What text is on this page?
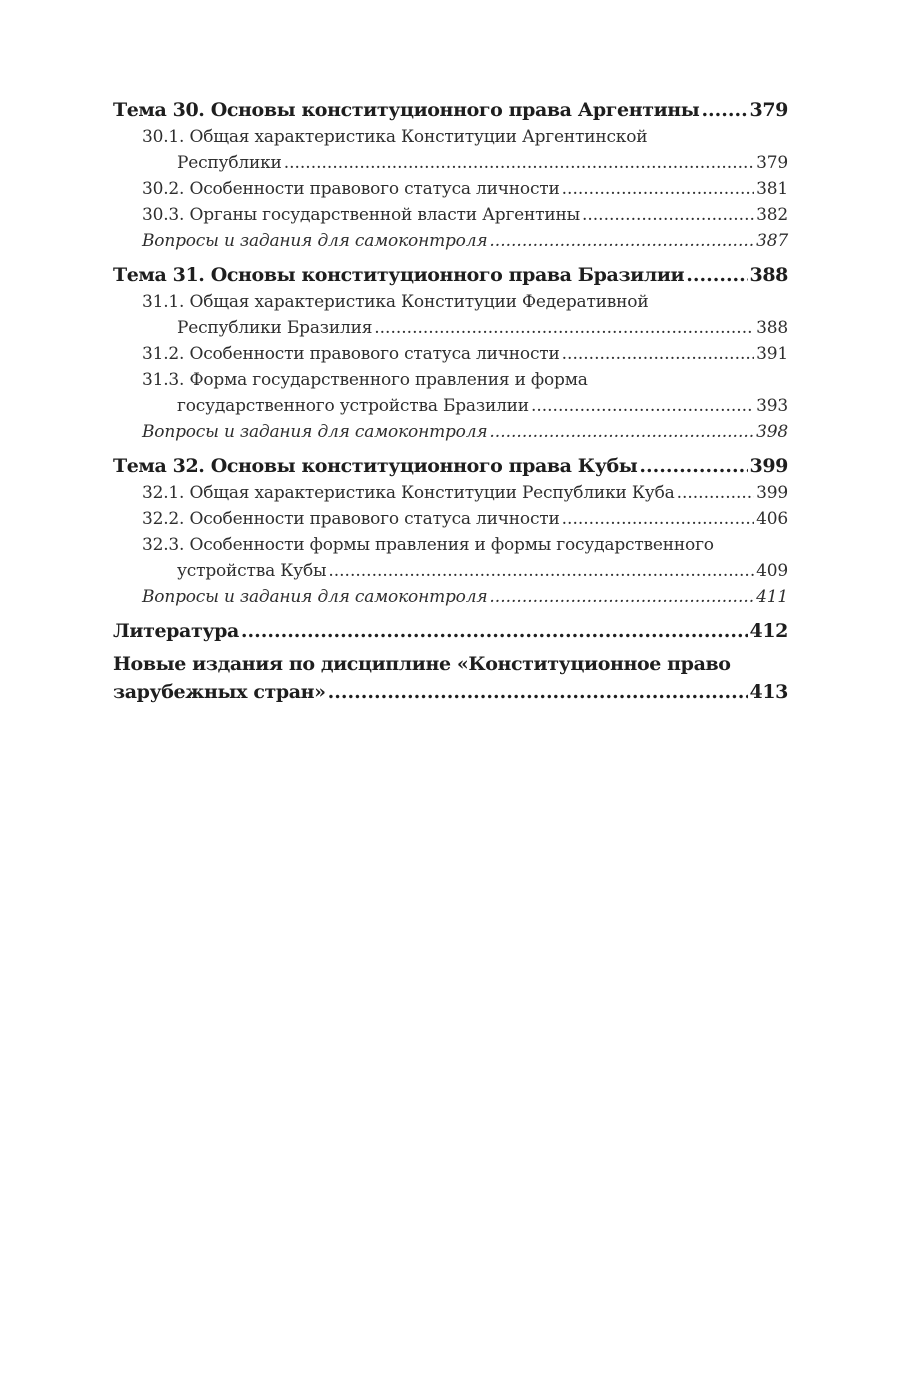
Тема 30. Основы конституционного права Аргентины .....	379
30.1. Общая характеристика Конституции Аргентинской
Республики .....	379
30.2. Особенности правового статуса личности .....	381
30.3. Органы государственной власти Аргентины .....	382
Вопросы и задания для самоконтроля .....	387
Тема 31. Основы конституционного права Бразилии .....	388
31.1. Общая характеристика Конституции Федеративной
Республики Бразилия .....	388
31.2. Особенности правового статуса личности .....	391
31.3. Форма государственного правления и форма
государственного устройства Бразилии .....	393
Вопросы и задания для самоконтроля .....	398
Тема 32. Основы конституционного права Кубы .....	399
32.1. Общая характеристика Конституции Республики Куба .....	399
32.2. Особенности правового статуса личности .....	406
32.3. Особенности формы правления и формы государственного
устройства Кубы .....	409
Вопросы и задания для самоконтроля .....	411
Литература .....	412
Новые издания по дисциплине «Конституционное право
зарубежных стран» .....	413
